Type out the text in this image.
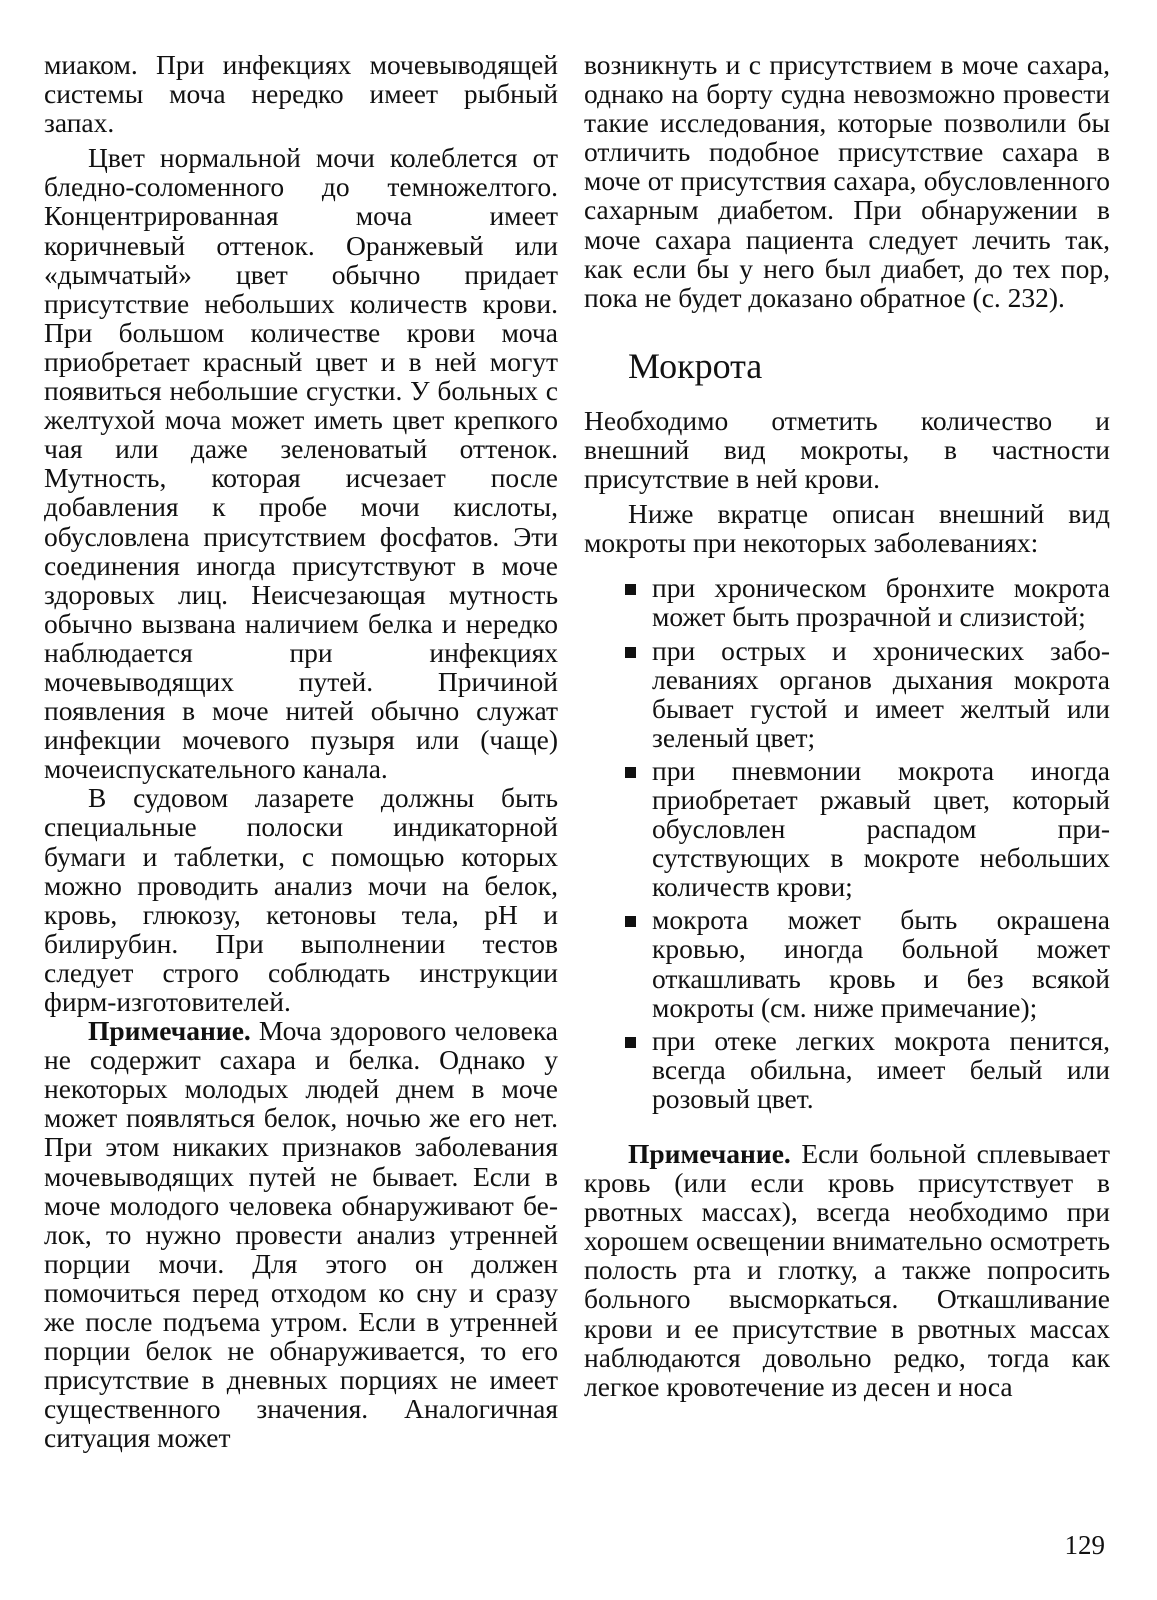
миаком. При инфекциях мочевыводящей системы моча нередко имеет рыбный запах.

Цвет нормальной мочи колеблется от бледно-соломенного до темножелтого. Концентрированная моча имеет коричневый оттенок. Оранжевый или «дымчатый» цвет обычно придает присутствие небольших количеств крови. При большом количестве крови моча приобретает красный цвет и в ней могут появиться небольшие сгустки. У больных с желтухой моча может иметь цвет крепкого чая или даже зеленоватый оттенок. Мутность, которая исчезает после добавления к пробе мочи кислоты, обусловлена присутствием фосфатов. Эти соединения иногда присутствуют в моче здоровых лиц. Неисчезающая мутность обычно вызвана наличием белка и нередко наблюдается при инфекциях мочевыводящих путей. Причиной появления в моче нитей обычно служат инфекции мочевого пузыря или (чаще) мочеиспускательного канала.

В судовом лазарете должны быть специальные полоски индикаторной бумаги и таблетки, с помощью которых можно проводить анализ мочи на белок, кровь, глюкозу, кетоновы тела, pH и билирубин. При выполнении тестов следует строго соблюдать инструкции фирм-изготовителей.

Примечание. Моча здорового человека не содержит сахара и белка. Однако у некоторых молодых людей днем в моче может появляться белок, ночью же его нет. При этом никаких признаков заболевания мочевыводящих путей не бывает. Если в моче молодого человека обнаруживают белок, то нужно провести анализ утренней порции мочи. Для этого он должен помочиться перед отходом ко сну и сразу же после подъема утром. Если в утренней порции белок не обнаруживается, то его присутствие в дневных порциях не имеет существенного значения. Аналогичная ситуация может

возникнуть и с присутствием в моче сахара, однако на борту судна невозможно провести такие исследования, которые позволили бы отличить подобное присутствие сахара в моче от присутствия сахара, обусловленного сахарным диабетом. При обнаружении в моче сахара пациента следует лечить так, как если бы у него был диабет, до тех пор, пока не будет доказано обратное (с. 232).

Мокрота

Необходимо отметить количество и внешний вид мокроты, в частности присутствие в ней крови.

Ниже вкратце описан внешний вид мокроты при некоторых заболеваниях:

при хроническом бронхите мокрота может быть прозрачной и слизистой;
при острых и хронических заболеваниях органов дыхания мокрота бывает густой и имеет желтый или зеленый цвет;
при пневмонии мокрота иногда приобретает ржавый цвет, который обусловлен распадом присутствующих в мокроте небольших количеств крови;
мокрота может быть окрашена кровью, иногда больной может откашливать кровь и без всякой мокроты (см. ниже примечание);
при отеке легких мокрота пенится, всегда обильна, имеет белый или розовый цвет.

Примечание. Если больной сплевывает кровь (или если кровь присутствует в рвотных массах), всегда необходимо при хорошем освещении внимательно осмотреть полость рта и глотку, а также попросить больного высморкаться. Откашливание крови и ее присутствие в рвотных массах наблюдаются довольно редко, тогда как легкое кровотечение из десен и носа

129
